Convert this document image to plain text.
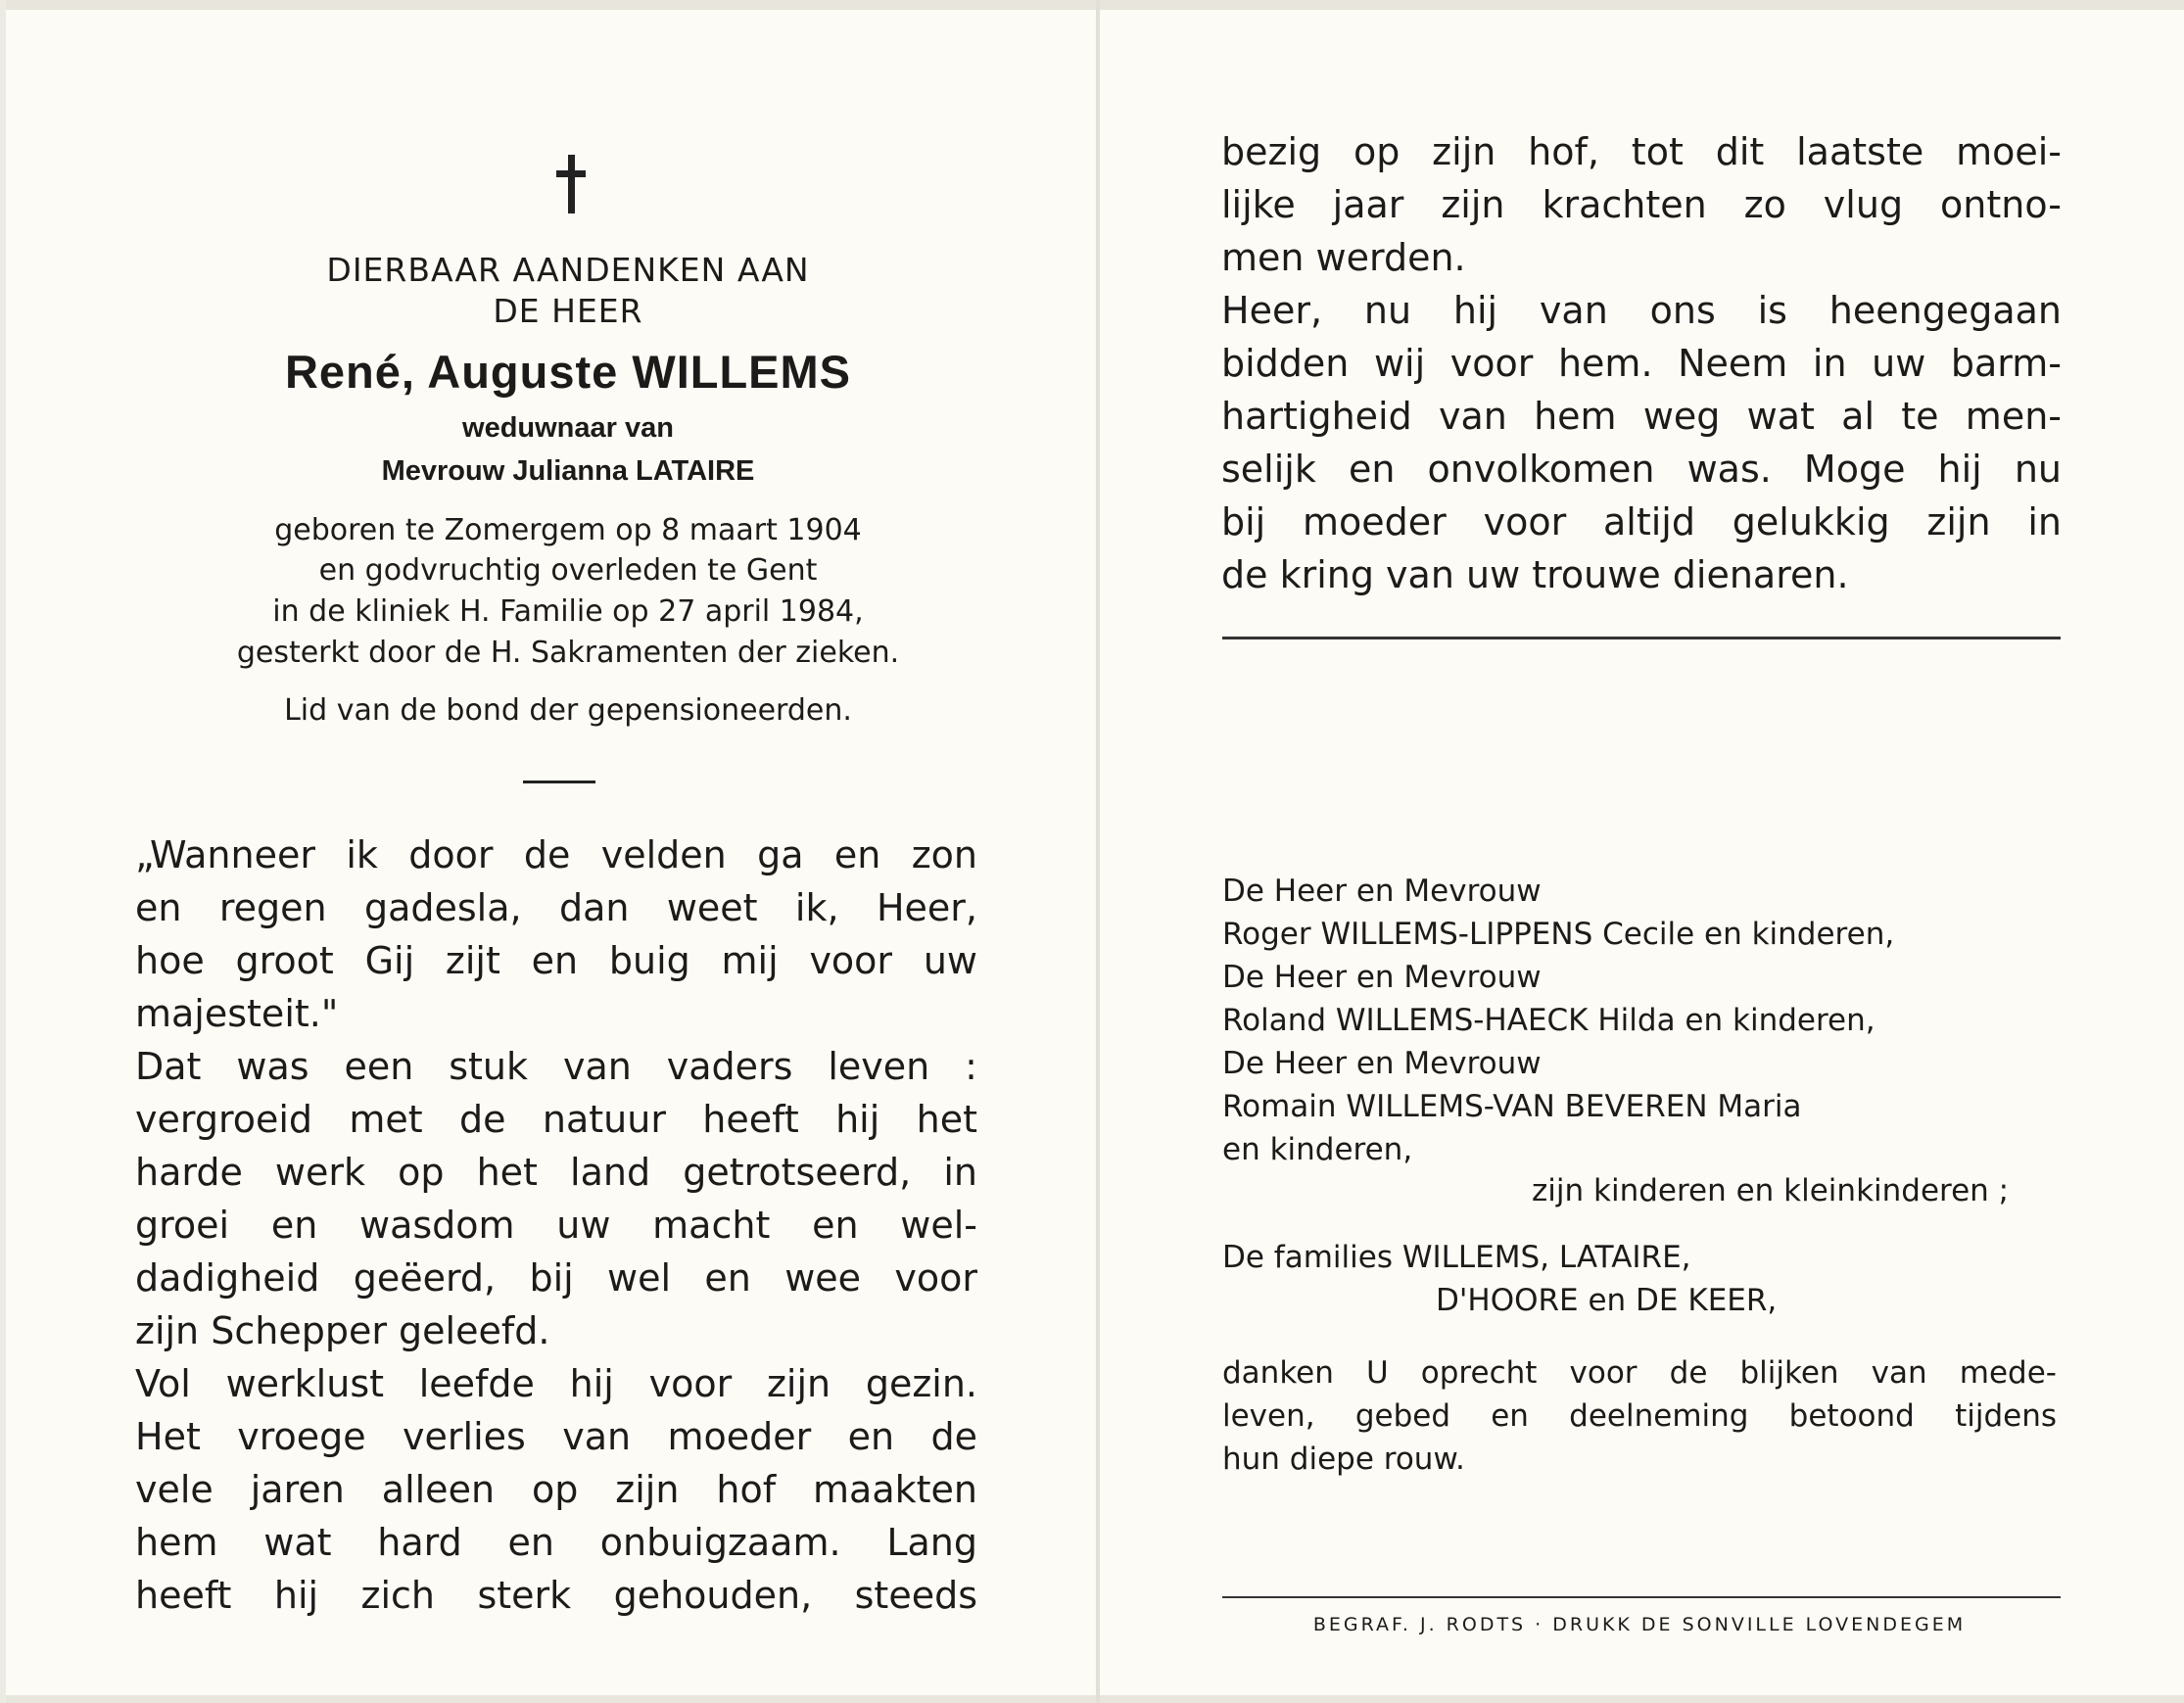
DIERBAAR AANDENKEN AAN
DE HEER
René, Auguste WILLEMS
weduwnaar van
Mevrouw Julianna LATAIRE
geboren te Zomergem op 8 maart 1904
en godvruchtig overleden te Gent
in de kliniek H. Familie op 27 april 1984,
gesterkt door de H. Sakramenten der zieken.
Lid van de bond der gepensioneerden.
„Wanneer ik door de velden ga en zon
en regen gadesla, dan weet ik, Heer,
hoe groot Gij zijt en buig mij voor uw
majesteit."
Dat was een stuk van vaders leven :
vergroeid met de natuur heeft hij het
harde werk op het land getrotseerd, in
groei en wasdom uw macht en wel-
dadigheid geëerd, bij wel en wee voor
zijn Schepper geleefd.
Vol werklust leefde hij voor zijn gezin.
Het vroege verlies van moeder en de
vele jaren alleen op zijn hof maakten
hem wat hard en onbuigzaam. Lang
heeft hij zich sterk gehouden, steeds
bezig op zijn hof, tot dit laatste moei-
lijke jaar zijn krachten zo vlug ontno-
men werden.
Heer, nu hij van ons is heengegaan
bidden wij voor hem. Neem in uw barm-
hartigheid van hem weg wat al te men-
selijk en onvolkomen was. Moge hij nu
bij moeder voor altijd gelukkig zijn in
de kring van uw trouwe dienaren.
De Heer en Mevrouw
Roger WILLEMS-LIPPENS Cecile en kinderen,
De Heer en Mevrouw
Roland WILLEMS-HAECK Hilda en kinderen,
De Heer en Mevrouw
Romain WILLEMS-VAN BEVEREN Maria
en kinderen,
zijn kinderen en kleinkinderen ;
De families WILLEMS, LATAIRE,
D'HOORE en DE KEER,
danken U oprecht voor de blijken van mede-
leven, gebed en deelneming betoond tijdens
hun diepe rouw.
BEGRAF. J. RODTS · DRUKK DE SONVILLE LOVENDEGEM
